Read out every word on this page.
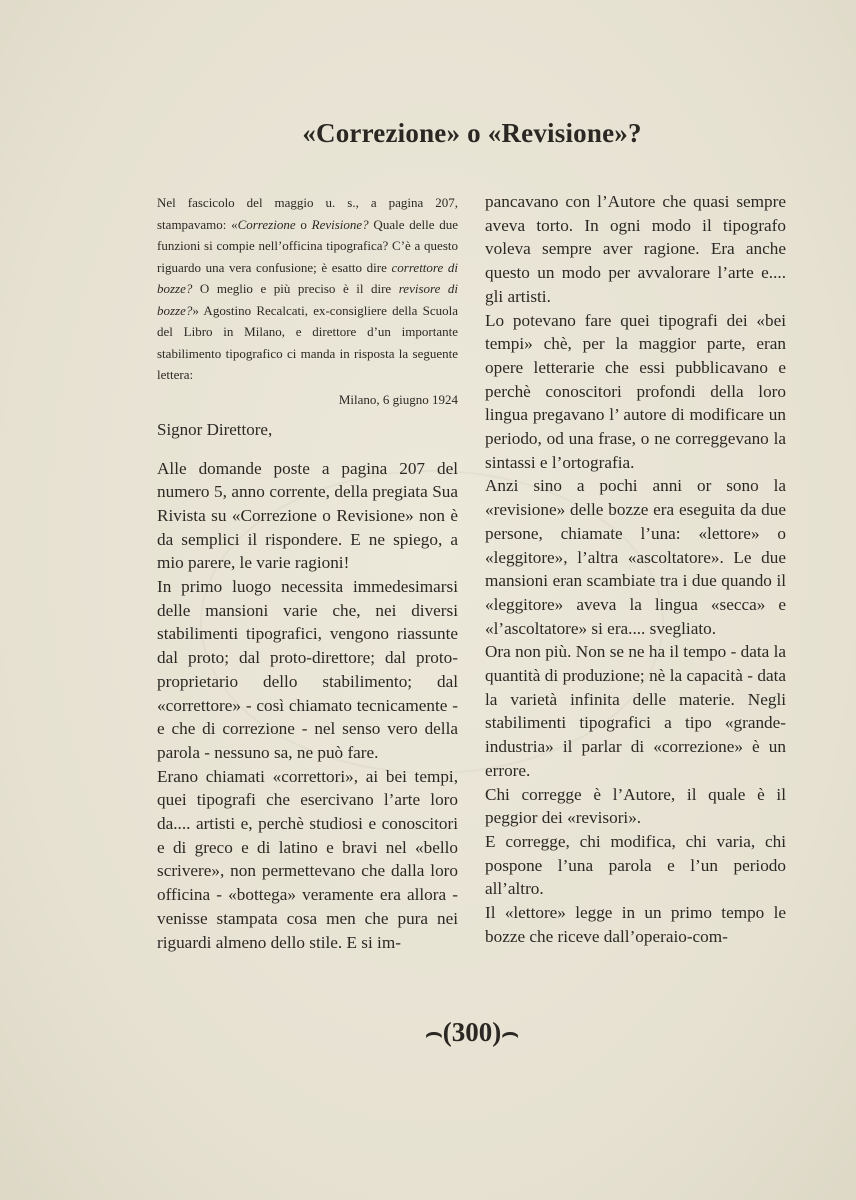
«Correzione» o «Revisione»?

Nel fascicolo del maggio u. s., a pagina 207, stampavamo: «Correzione o Revisione? Quale delle due funzioni si compie nell’officina tipografica? C’è a questo riguardo una vera confusione; è esatto dire correttore di bozze? O meglio e più preciso è il dire revisore di bozze?» Agostino Recalcati, ex-consigliere della Scuola del Libro in Milano, e direttore d’un importante stabilimento tipografico ci manda in risposta la seguente lettera:

Milano, 6 giugno 1924

Signor Direttore,

Alle domande poste a pagina 207 del numero 5, anno corrente, della pregiata Sua Rivista su «Correzione o Revisione» non è da semplici il rispondere. E ne spiego, a mio parere, le varie ragioni!

In primo luogo necessita immedesimarsi delle mansioni varie che, nei diversi stabilimenti tipografici, vengono riassunte dal proto; dal proto-direttore; dal proto-proprietario dello stabilimento; dal «correttore» - così chiamato tecnicamente - e che di correzione - nel senso vero della parola - nessuno sa, ne può fare.

Erano chiamati «correttori», ai bei tempi, quei tipografi che esercivano l’arte loro da.... artisti e, perchè studiosi e conoscitori e di greco e di latino e bravi nel «bello scrivere», non permettevano che dalla loro officina - «bottega» veramente era allora - venisse stampata cosa men che pura nei riguardi almeno dello stile. E si im-

pancavano con l’Autore che quasi sempre aveva torto. In ogni modo il tipografo voleva sempre aver ragione. Era anche questo un modo per avvalorare l’arte e.... gli artisti.

Lo potevano fare quei tipografi dei «bei tempi» chè, per la maggior parte, eran opere letterarie che essi pubblicavano e perchè conoscitori profondi della loro lingua pregavano l’ autore di modificare un periodo, od una frase, o ne correggevano la sintassi e l’ortografia.

Anzi sino a pochi anni or sono la «revisione» delle bozze era eseguita da due persone, chiamate l’una: «lettore» o «leggitore», l’altra «ascoltatore». Le due mansioni eran scambiate tra i due quando il «leggitore» aveva la lingua «secca» e «l’ascoltatore» si era.... svegliato.

Ora non più. Non se ne ha il tempo - data la quantità di produzione; nè la capacità - data la varietà infinita delle materie. Negli stabilimenti tipografici a tipo «grande-industria» il parlar di «correzione» è un errore.

Chi corregge è l’Autore, il quale è il peggior dei «revisori».

E corregge, chi modifica, chi varia, chi pospone l’una parola e l’un periodo all’altro.

Il «lettore» legge in un primo tempo le bozze che riceve dall’operaio-com-

⌢(300)⌢
